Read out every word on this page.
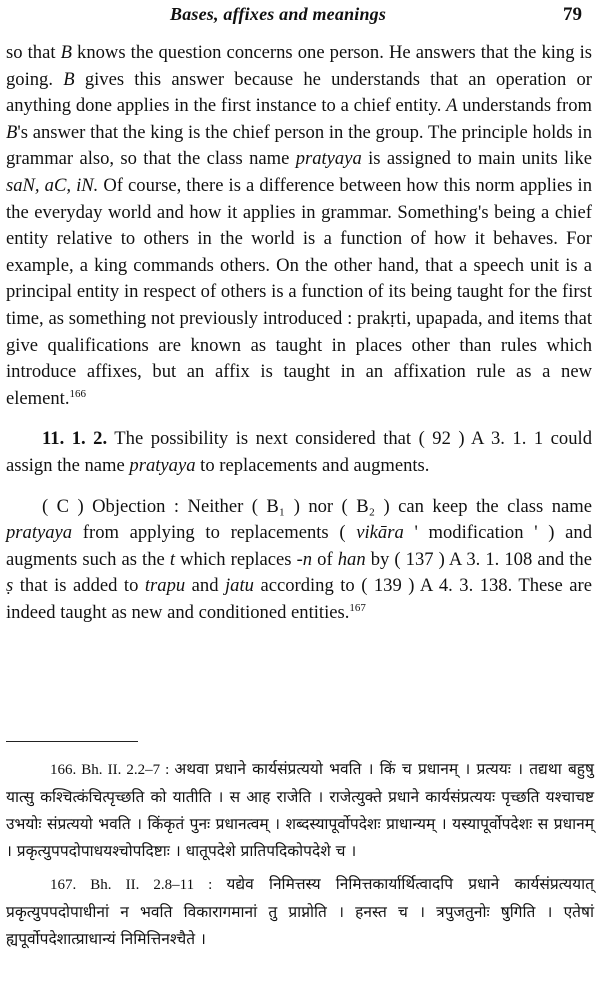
Bases, affixes and meanings	79

so that B knows the question concerns one person. He answers that the king is going. B gives this answer because he understands that an operation or anything done applies in the first instance to a chief entity. A understands from B's answer that the king is the chief person in the group. The principle holds in grammar also, so that the class name pratyaya is assigned to main units like saN, aC, iN. Of course, there is a difference between how this norm applies in the everyday world and how it applies in grammar. Something's being a chief entity relative to others in the world is a function of how it behaves. For example, a king commands others. On the other hand, that a speech unit is a principal entity in respect of others is a function of its being taught for the first time, as something not previously introduced : prakṛti, upapada, and items that give qualifications are known as taught in places other than rules which introduce affixes, but an affix is taught in an affixation rule as a new element.$^{166}$

11. 1. 2. The possibility is next considered that ( 92 ) A 3. 1. 1 could assign the name pratyaya to replacements and augments.

( C ) Objection : Neither ( B₁ ) nor ( B₂ ) can keep the class name pratyaya from applying to replacements ( vikāra ' modification ' ) and augments such as the t which replaces -n of han by ( 137 ) A 3. 1. 108 and the ṣ that is added to trapu and jatu according to ( 139 ) A 4. 3. 138. These are indeed taught as new and conditioned entities.$^{167}$

166. Bh. II. 2.2–7 : अथवा प्रधाने कार्यसंप्रत्ययो भवति । किं च प्रधानम् । प्रत्ययः । तद्यथा बहुषु यात्सु कश्चित्कंचित्पृच्छति को यातीति । स आह राजेति । राजेत्युक्ते प्रधाने कार्यसंप्रत्ययः पृच्छति यश्चाचष्ट उभयोः संप्रत्ययो भवति । किंकृतं पुनः प्रधानत्वम् । शब्दस्यापूर्वोपदेशः प्राधान्यम् । यस्यापूर्वोपदेशः स प्रधानम् । प्रकृत्युपपदोपाधयश्चोपदिष्टाः । धातूपदेशे प्रातिपदिकोपदेशे च ।

167. Bh. II. 2.8–11 : यद्येव निमित्तस्य निमित्तकार्यार्थित्वादपि प्रधाने कार्यसंप्रत्ययात् प्रकृत्युपपदोपाधीनां न भवति विकारागमानां तु प्राप्नोति । हनस्त च । त्रपुजतुनोः षुगिति । एतेषां ह्यपूर्वोपदेशात्प्राधान्यं निमित्तिनश्चैते ।
